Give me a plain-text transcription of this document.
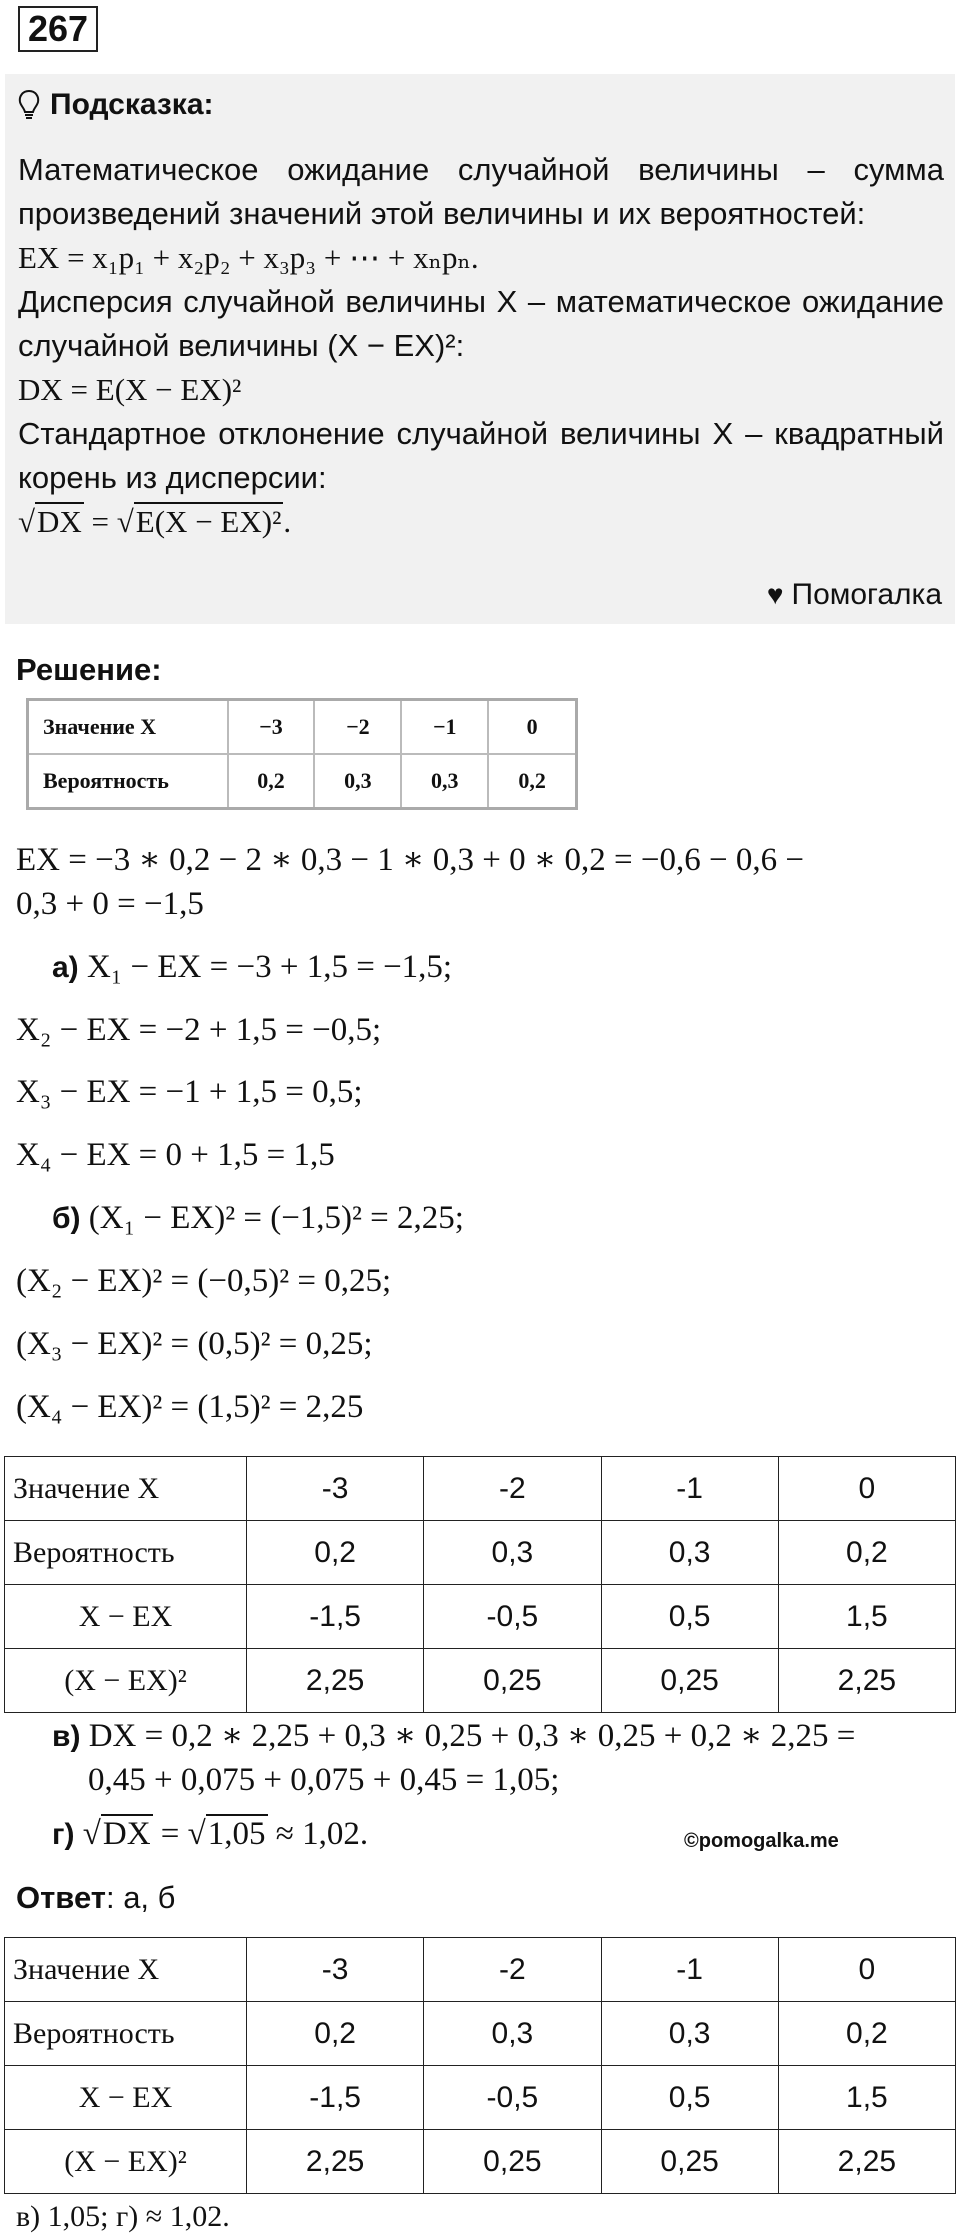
267
Подсказка:

Математическое ожидание случайной величины – сумма произведений значений этой величины и их вероятностей:

EX = x₁p₁ + x₂p₂ + x₃p₃ + ⋯ + xₙpₙ.

Дисперсия случайной величины X – математическое ожидание случайной величины (X − EX)²:

DX = E(X − EX)²

Стандартное отклонение случайной величины X – квадратный корень из дисперсии:

√DX = √E(X − EX)².

♥ Помогалка
Решение:
Значение X	−3	−2	−1	0
Вероятность	0,2	0,3	0,3	0,2
EX = −3 ∗ 0,2 − 2 ∗ 0,3 − 1 ∗ 0,3 + 0 ∗ 0,2 = −0,6 − 0,6 −
0,3 + 0 = −1,5
а) X₁ − EX = −3 + 1,5 = −1,5;
X₂ − EX = −2 + 1,5 = −0,5;
X₃ − EX = −1 + 1,5 = 0,5;
X₄ − EX = 0 + 1,5 = 1,5
б) (X₁ − EX)² = (−1,5)² = 2,25;
(X₂ − EX)² = (−0,5)² = 0,25;
(X₃ − EX)² = (0,5)² = 0,25;
(X₄ − EX)² = (1,5)² = 2,25
Значение X	-3	-2	-1	0
Вероятность	0,2	0,3	0,3	0,2
X − EX	-1,5	-0,5	0,5	1,5
(X − EX)²	2,25	0,25	0,25	2,25
в) DX = 0,2 ∗ 2,25 + 0,3 ∗ 0,25 + 0,3 ∗ 0,25 + 0,2 ∗ 2,25 =
0,45 + 0,075 + 0,075 + 0,45 = 1,05;
г) √DX = √1,05 ≈ 1,02.	©pomogalka.me
Ответ: а, б
Значение X	-3	-2	-1	0
Вероятность	0,2	0,3	0,3	0,2
X − EX	-1,5	-0,5	0,5	1,5
(X − EX)²	2,25	0,25	0,25	2,25
в) 1,05; г) ≈ 1,02.
